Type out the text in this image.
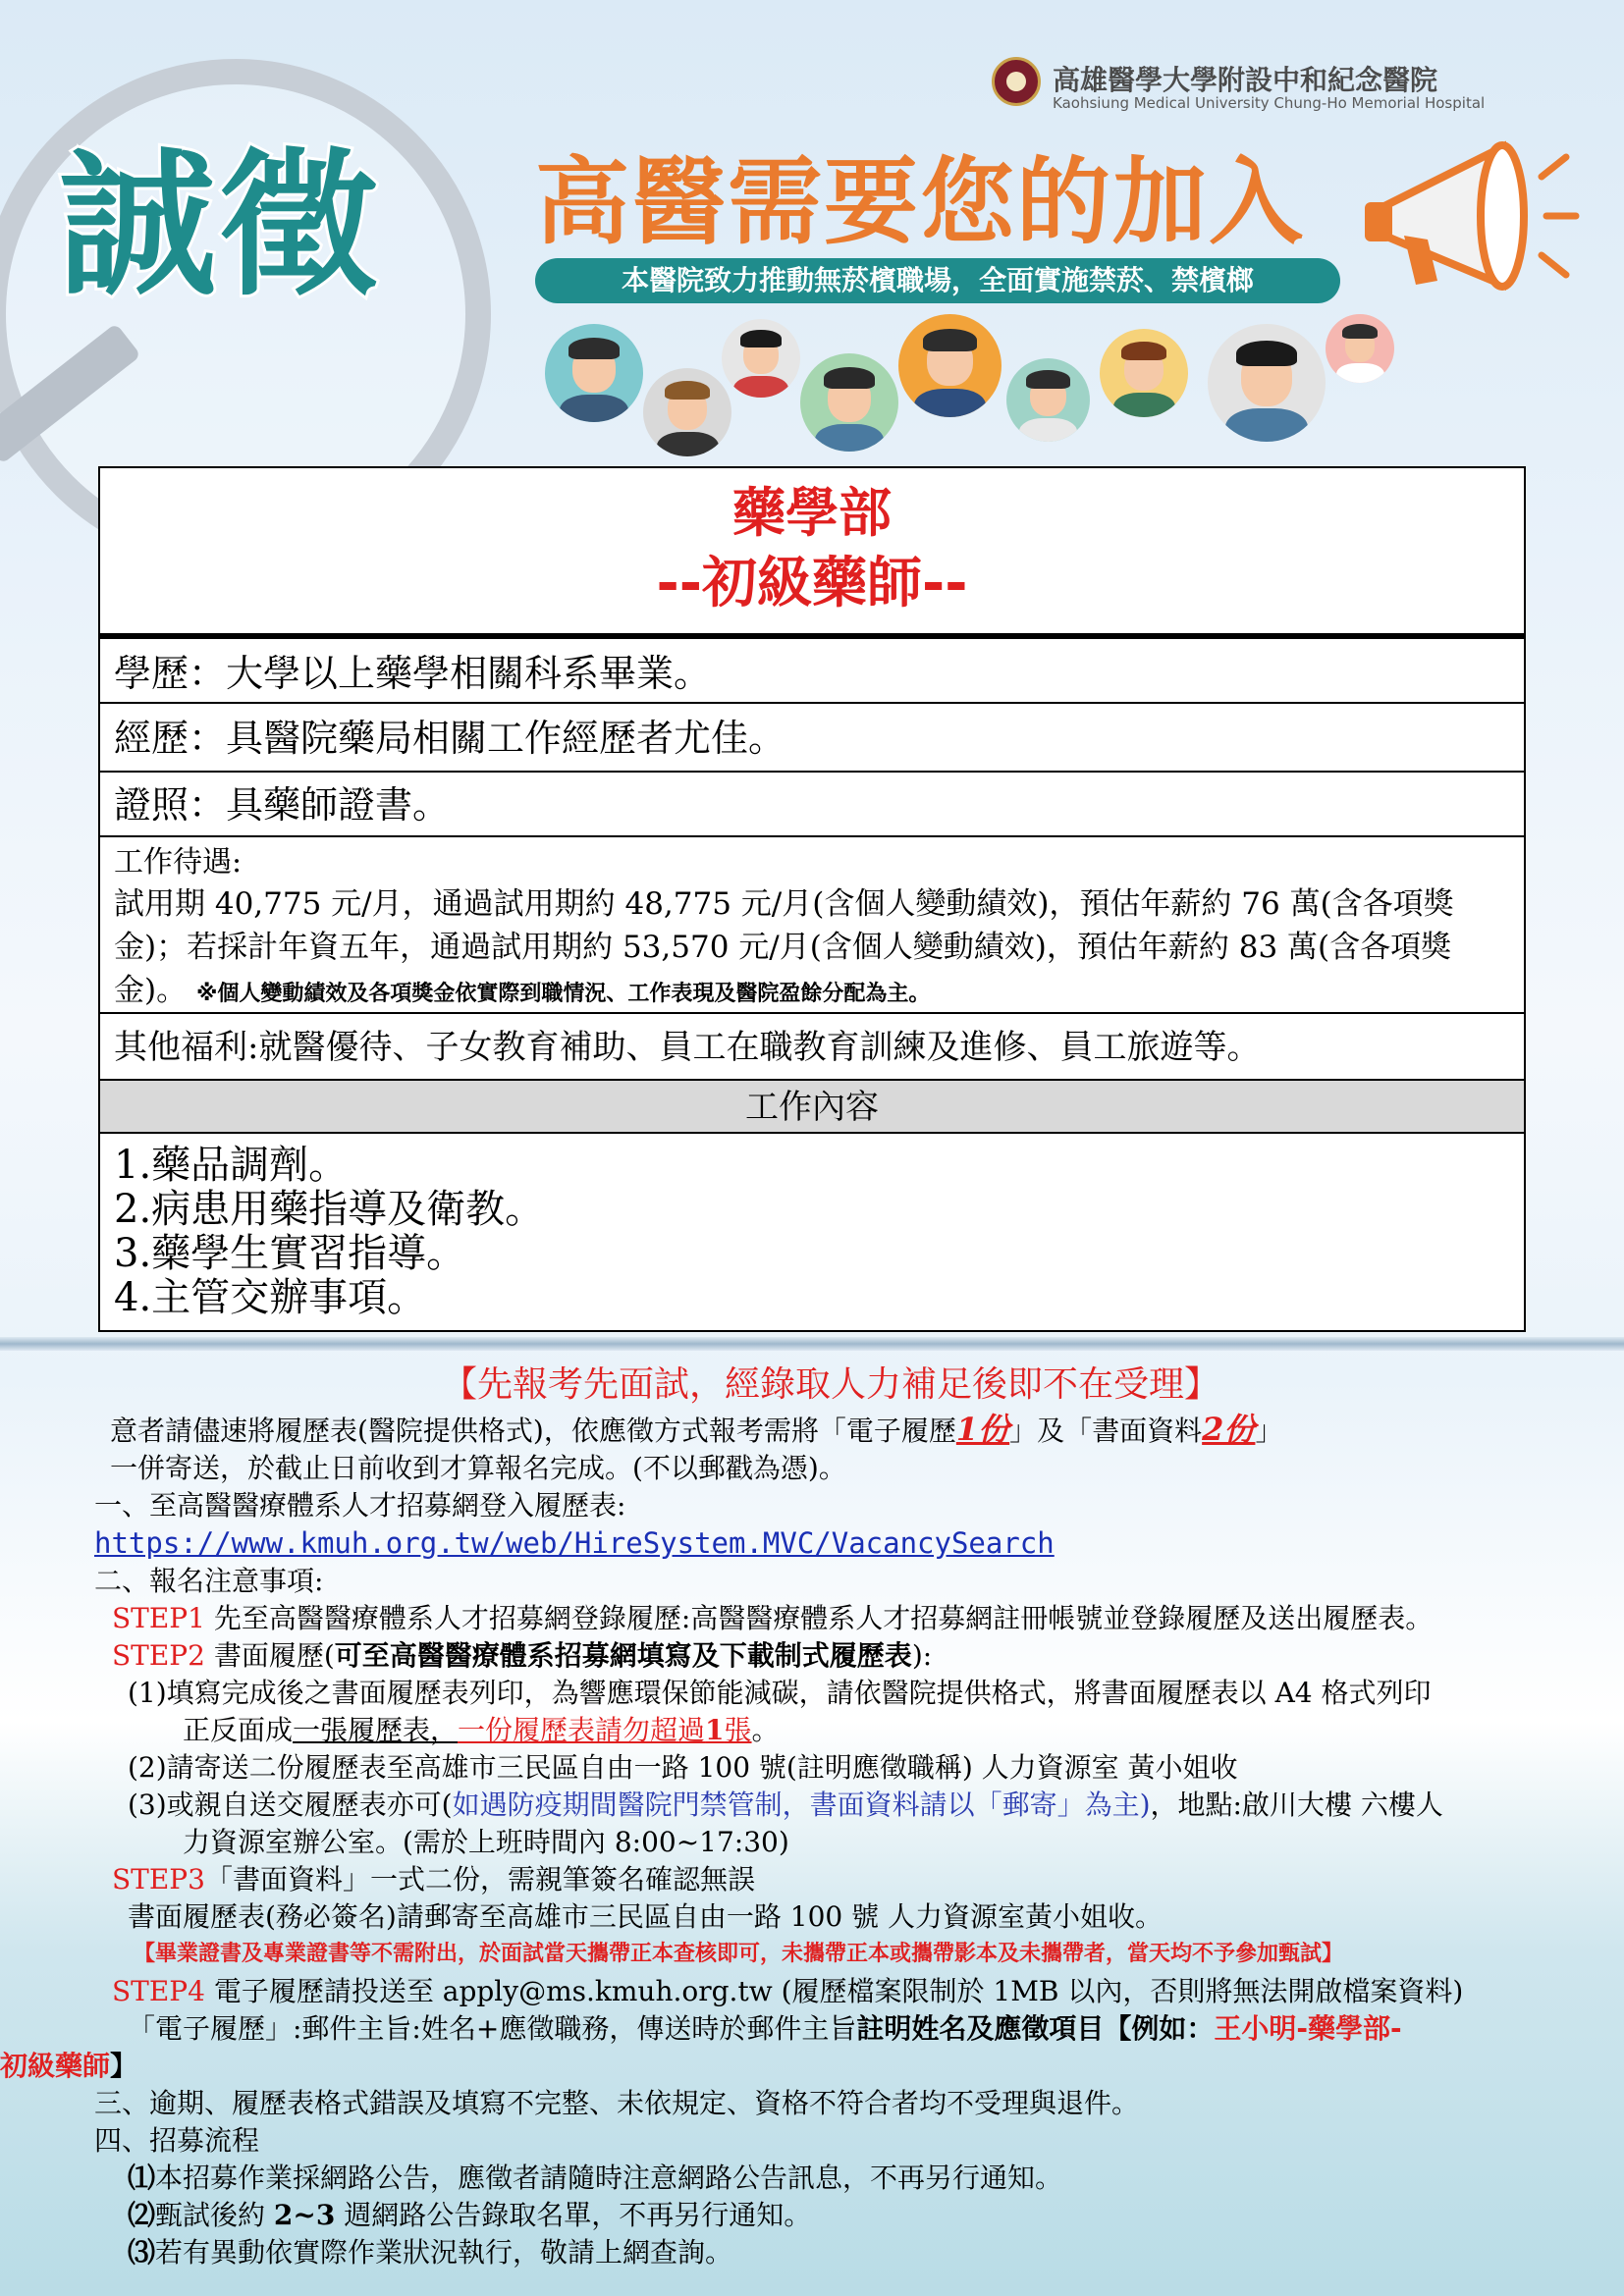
高雄醫學大學附設中和紀念醫院
Kaohsiung Medical University Chung-Ho Memorial Hospital
誠徵 高醫需要您的加入
本醫院致力推動無菸檳職場，全面實施禁菸、禁檳榔
藥學部
--初級藥師--
學歷：大學以上藥學相關科系畢業。
經歷：具醫院藥局相關工作經歷者尤佳。
證照：具藥師證書。
工作待遇:
試用期 40,775 元/月，通過試用期約 48,775 元/月(含個人變動績效)，預估年薪約 76 萬(含各項獎金)；若採計年資五年，通過試用期約 53,570 元/月(含個人變動績效)，預估年薪約 83 萬(含各項獎金)。 ※個人變動績效及各項獎金依實際到職情況、工作表現及醫院盈餘分配為主。
其他福利:就醫優待、子女教育補助、員工在職教育訓練及進修、員工旅遊等。
工作內容
1.藥品調劑。
2.病患用藥指導及衛教。
3.藥學生實習指導。
4.主管交辦事項。
【先報考先面試，經錄取人力補足後即不在受理】
意者請儘速將履歷表(醫院提供格式)，依應徵方式報考需將「電子履歷1份」及「書面資料2份」
一併寄送，於截止日前收到才算報名完成。(不以郵戳為憑)。
一、至高醫醫療體系人才招募網登入履歷表:
https://www.kmuh.org.tw/web/HireSystem.MVC/VacancySearch
二、報名注意事項:
STEP1 先至高醫醫療體系人才招募網登錄履歷:高醫醫療體系人才招募網註冊帳號並登錄履歷及送出履歷表。
STEP2 書面履歷(可至高醫醫療體系招募網填寫及下載制式履歷表):
(1)填寫完成後之書面履歷表列印，為響應環保節能減碳，請依醫院提供格式，將書面履歷表以 A4 格式列印
正反面成一張履歷表，一份履歷表請勿超過1張。
(2)請寄送二份履歷表至高雄市三民區自由一路 100 號(註明應徵職稱) 人力資源室 黃小姐收
(3)或親自送交履歷表亦可(如遇防疫期間醫院門禁管制，書面資料請以「郵寄」為主)，地點:啟川大樓 六樓人
力資源室辦公室。(需於上班時間內 8:00~17:30)
STEP3「書面資料」一式二份，需親筆簽名確認無誤
書面履歷表(務必簽名)請郵寄至高雄市三民區自由一路 100 號 人力資源室黃小姐收。
【畢業證書及專業證書等不需附出，於面試當天攜帶正本查核即可，未攜帶正本或攜帶影本及未攜帶者，當天均不予參加甄試】
STEP4 電子履歷請投送至 apply@ms.kmuh.org.tw (履歷檔案限制於 1MB 以內，否則將無法開啟檔案資料)
「電子履歷」:郵件主旨:姓名+應徵職務，傳送時於郵件主旨註明姓名及應徵項目【例如：王小明-藥學部-
初級藥師】
三、逾期、履歷表格式錯誤及填寫不完整、未依規定、資格不符合者均不受理與退件。
四、招募流程
⑴本招募作業採網路公告，應徵者請隨時注意網路公告訊息，不再另行通知。
⑵甄試後約 2~3 週網路公告錄取名單，不再另行通知。
⑶若有異動依實際作業狀況執行，敬請上網查詢。
